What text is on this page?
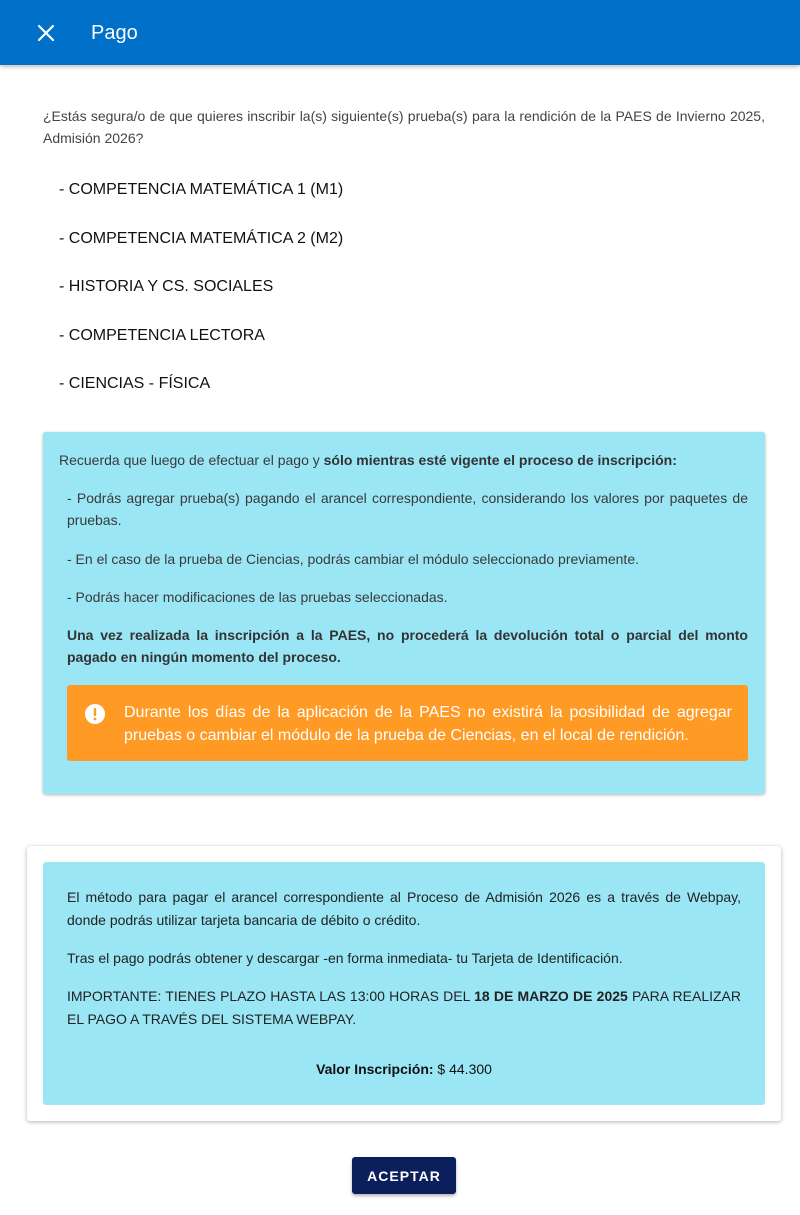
Pago
¿Estás segura/o de que quieres inscribir la(s) siguiente(s) prueba(s) para la rendición de la PAES de Invierno 2025, Admisión 2026?
- COMPETENCIA MATEMÁTICA 1 (M1)
- COMPETENCIA MATEMÁTICA 2 (M2)
- HISTORIA Y CS. SOCIALES
- COMPETENCIA LECTORA
- CIENCIAS - FÍSICA
Recuerda que luego de efectuar el pago y sólo mientras esté vigente el proceso de inscripción:
- Podrás agregar prueba(s) pagando el arancel correspondiente, considerando los valores por paquetes de pruebas.
- En el caso de la prueba de Ciencias, podrás cambiar el módulo seleccionado previamente.
- Podrás hacer modificaciones de las pruebas seleccionadas.
Una vez realizada la inscripción a la PAES, no procederá la devolución total o parcial del monto pagado en ningún momento del proceso.
Durante los días de la aplicación de la PAES no existirá la posibilidad de agregar pruebas o cambiar el módulo de la prueba de Ciencias, en el local de rendición.
El método para pagar el arancel correspondiente al Proceso de Admisión 2026 es a través de Webpay, donde podrás utilizar tarjeta bancaria de débito o crédito.
Tras el pago podrás obtener y descargar -en forma inmediata- tu Tarjeta de Identificación.
IMPORTANTE: TIENES PLAZO HASTA LAS 13:00 HORAS DEL 18 DE MARZO DE 2025 PARA REALIZAR EL PAGO A TRAVÉS DEL SISTEMA WEBPAY.
Valor Inscripción: $ 44.300
ACEPTAR
